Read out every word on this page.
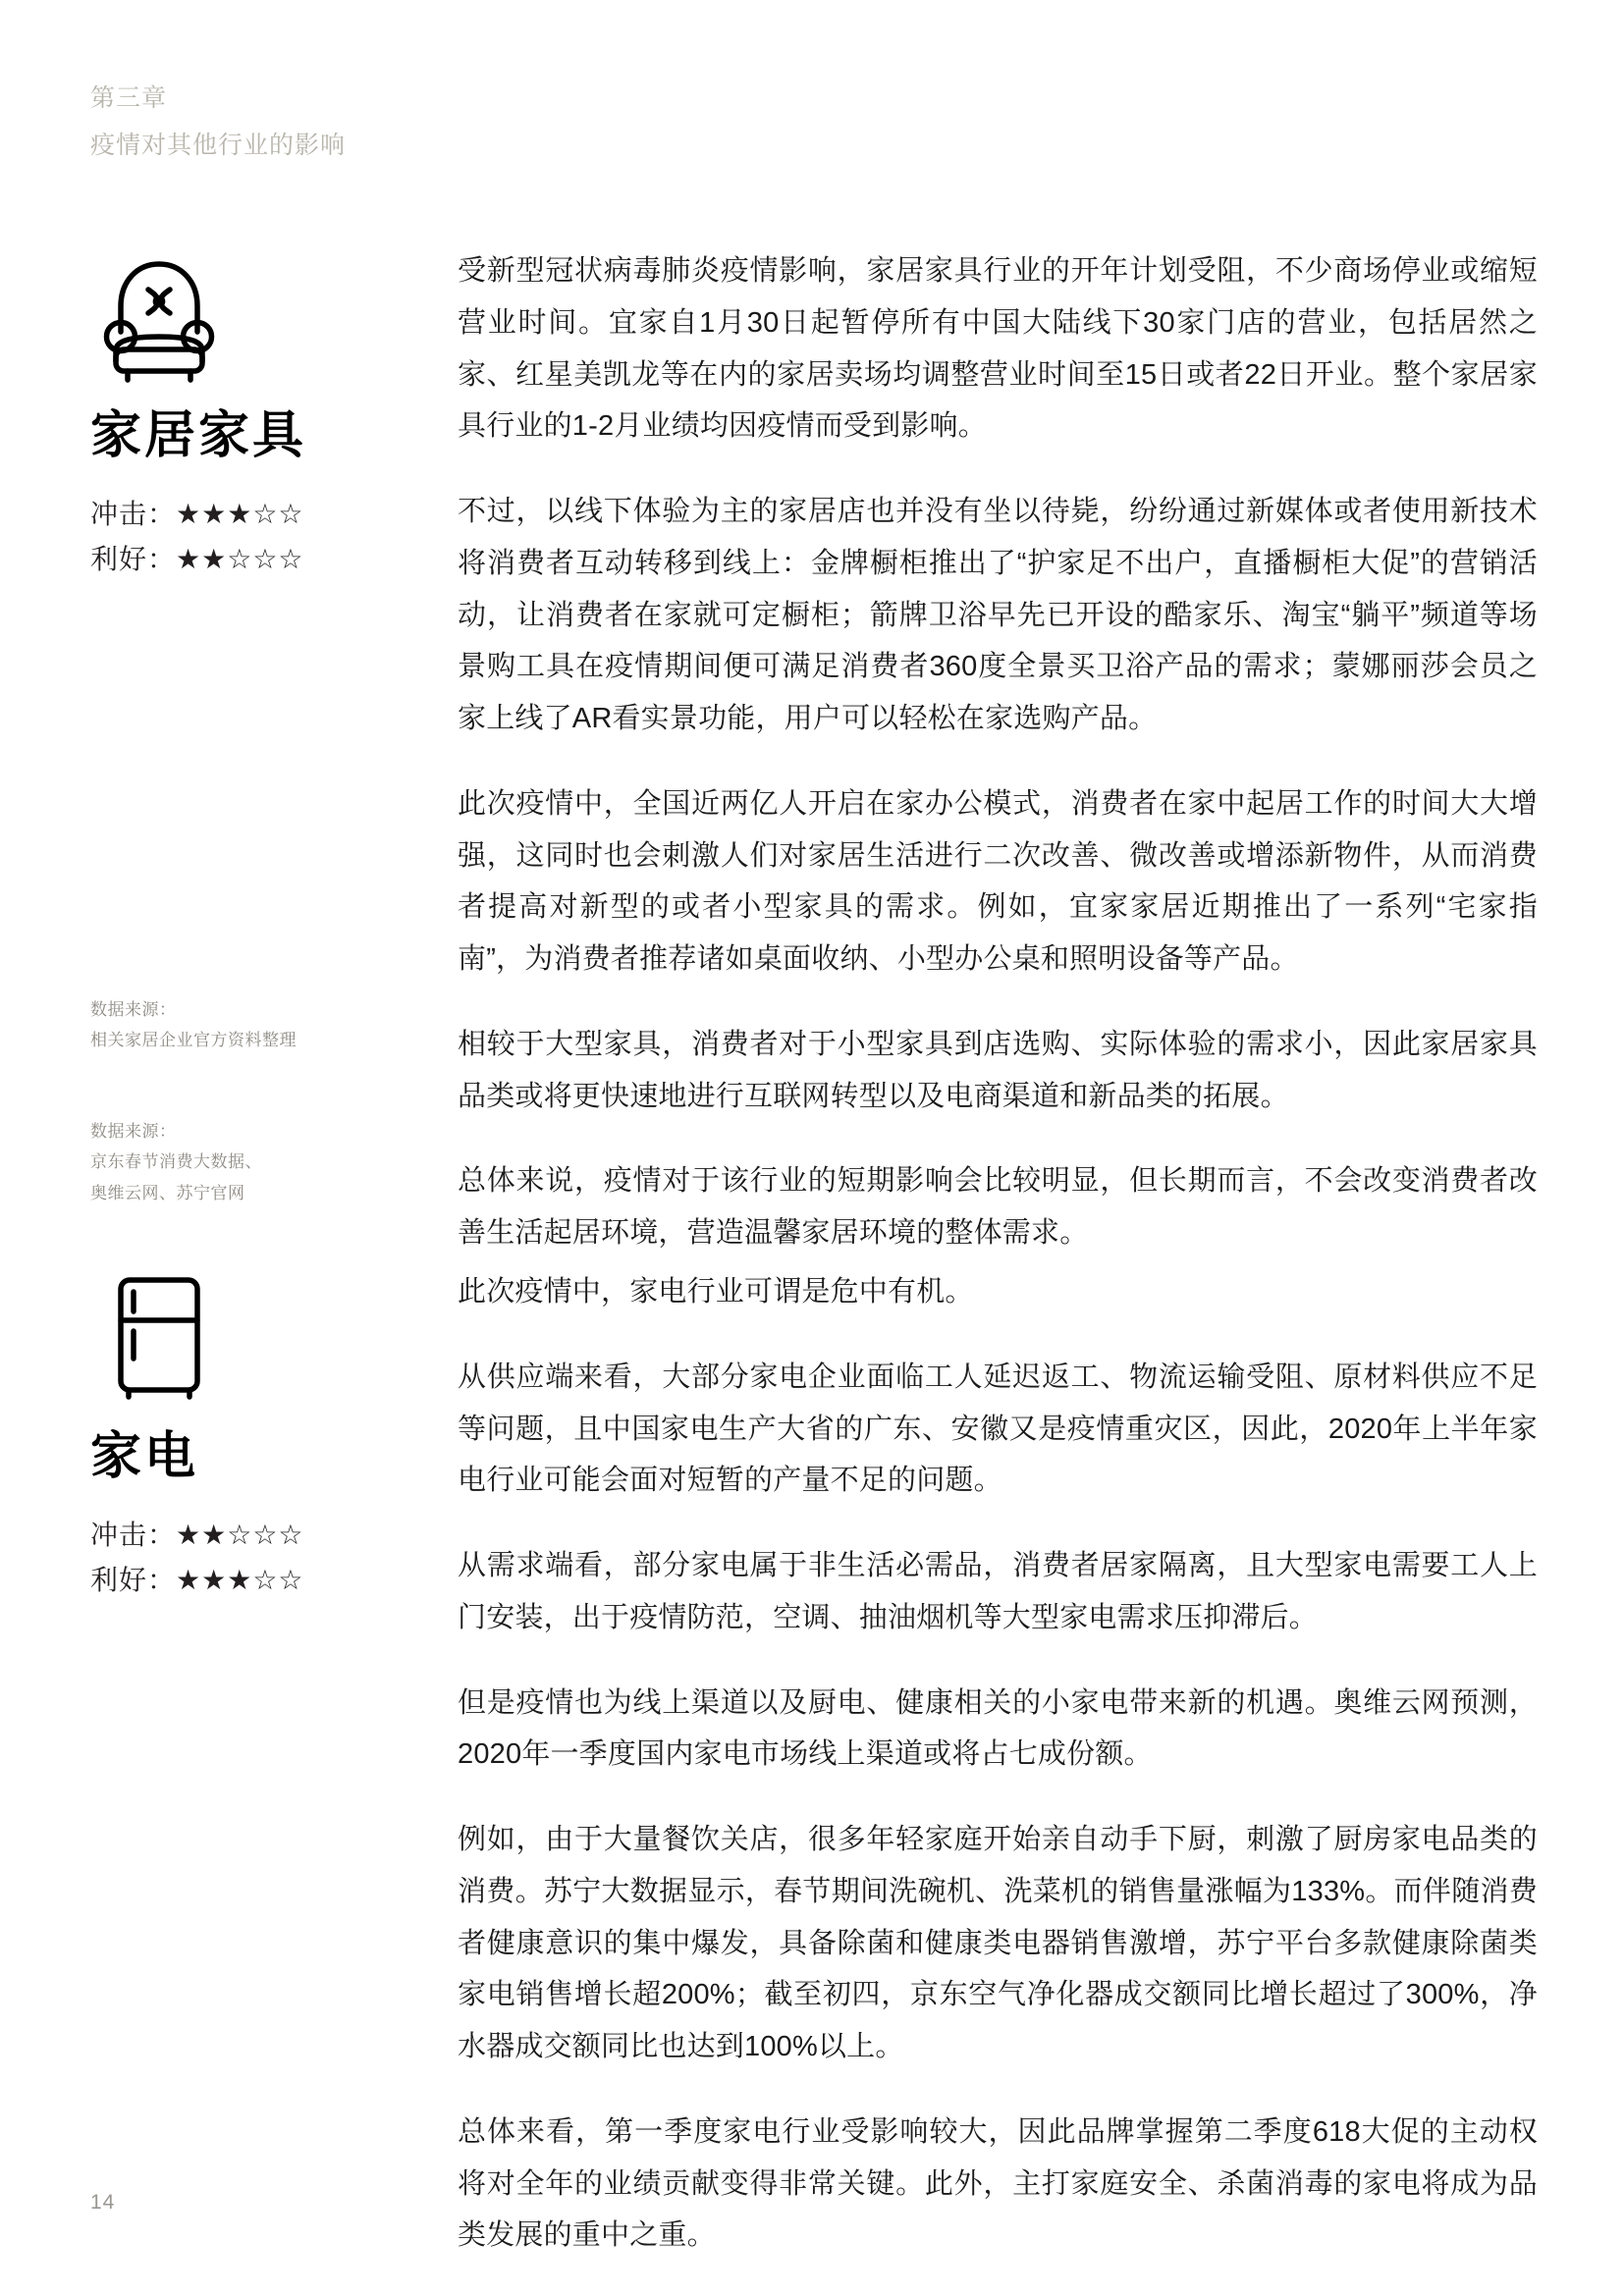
第三章
疫情对其他行业的影响
家居家具
冲击：★★★☆☆
利好：★★☆☆☆

受新型冠状病毒肺炎疫情影响，家居家具行业的开年计划受阻，不少商场停业或缩短营业时间。宜家自1月30日起暂停所有中国大陆线下30家门店的营业，包括居然之家、红星美凯龙等在内的家居卖场均调整营业时间至15日或者22日开业。整个家居家具行业的1-2月业绩均因疫情而受到影响。

不过，以线下体验为主的家居店也并没有坐以待毙，纷纷通过新媒体或者使用新技术将消费者互动转移到线上：金牌橱柜推出了“护家足不出户，直播橱柜大促”的营销活动，让消费者在家就可定橱柜；箭牌卫浴早先已开设的酷家乐、淘宝“躺平”频道等场景购工具在疫情期间便可满足消费者360度全景买卫浴产品的需求；蒙娜丽莎会员之家上线了AR看实景功能，用户可以轻松在家选购产品。

此次疫情中，全国近两亿人开启在家办公模式，消费者在家中起居工作的时间大大增强，这同时也会刺激人们对家居生活进行二次改善、微改善或增添新物件，从而消费者提高对新型的或者小型家具的需求。例如，宜家家居近期推出了一系列“宅家指南”，为消费者推荐诸如桌面收纳、小型办公桌和照明设备等产品。

相较于大型家具，消费者对于小型家具到店选购、实际体验的需求小，因此家居家具品类或将更快速地进行互联网转型以及电商渠道和新品类的拓展。

总体来说，疫情对于该行业的短期影响会比较明显，但长期而言，不会改变消费者改善生活起居环境，营造温馨家居环境的整体需求。

数据来源：
相关家居企业官方资料整理
家电
冲击：★★☆☆☆
利好：★★★☆☆

此次疫情中，家电行业可谓是危中有机。

从供应端来看，大部分家电企业面临工人延迟返工、物流运输受阻、原材料供应不足等问题，且中国家电生产大省的广东、安徽又是疫情重灾区，因此，2020年上半年家电行业可能会面对短暂的产量不足的问题。

从需求端看，部分家电属于非生活必需品，消费者居家隔离，且大型家电需要工人上门安装，出于疫情防范，空调、抽油烟机等大型家电需求压抑滞后。

但是疫情也为线上渠道以及厨电、健康相关的小家电带来新的机遇。奥维云网预测，2020年一季度国内家电市场线上渠道或将占七成份额。

例如，由于大量餐饮关店，很多年轻家庭开始亲自动手下厨，刺激了厨房家电品类的消费。苏宁大数据显示，春节期间洗碗机、洗菜机的销售量涨幅为133%。而伴随消费者健康意识的集中爆发，具备除菌和健康类电器销售激增，苏宁平台多款健康除菌类家电销售增长超200%；截至初四，京东空气净化器成交额同比增长超过了300%，净水器成交额同比也达到100%以上。

总体来看，第一季度家电行业受影响较大，因此品牌掌握第二季度618大促的主动权将对全年的业绩贡献变得非常关键。此外，主打家庭安全、杀菌消毒的家电将成为品类发展的重中之重。

数据来源：
京东春节消费大数据、
奥维云网、苏宁官网
14
